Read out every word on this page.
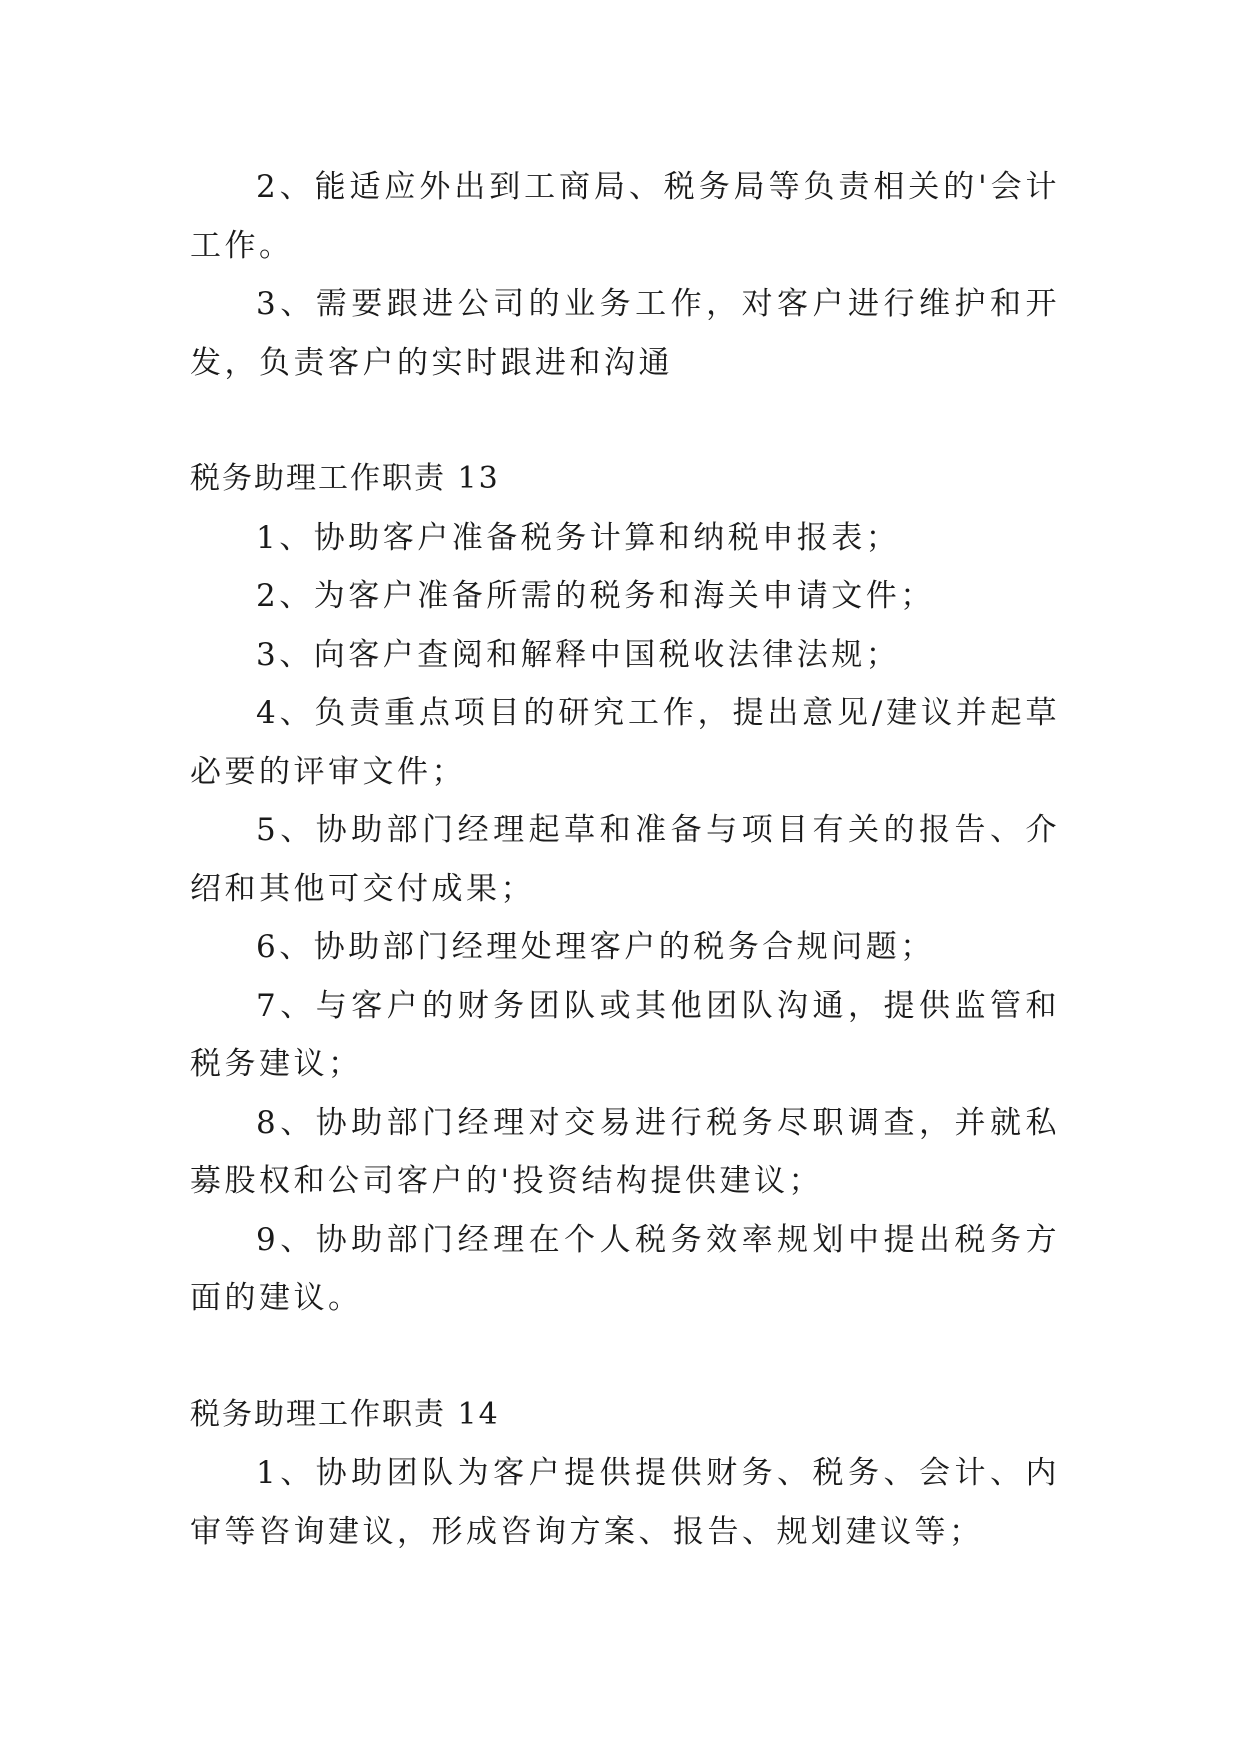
2、能适应外出到工商局、税务局等负责相关的'会计工作。

3、需要跟进公司的业务工作，对客户进行维护和开发，负责客户的实时跟进和沟通

税务助理工作职责 13

1、协助客户准备税务计算和纳税申报表；

2、为客户准备所需的税务和海关申请文件；

3、向客户查阅和解释中国税收法律法规；

4、负责重点项目的研究工作，提出意见/建议并起草必要的评审文件；

5、协助部门经理起草和准备与项目有关的报告、介绍和其他可交付成果；

6、协助部门经理处理客户的税务合规问题；

7、与客户的财务团队或其他团队沟通，提供监管和税务建议；

8、协助部门经理对交易进行税务尽职调查，并就私募股权和公司客户的'投资结构提供建议；

9、协助部门经理在个人税务效率规划中提出税务方面的建议。

税务助理工作职责 14

1、协助团队为客户提供提供财务、税务、会计、内审等咨询建议，形成咨询方案、报告、规划建议等；
